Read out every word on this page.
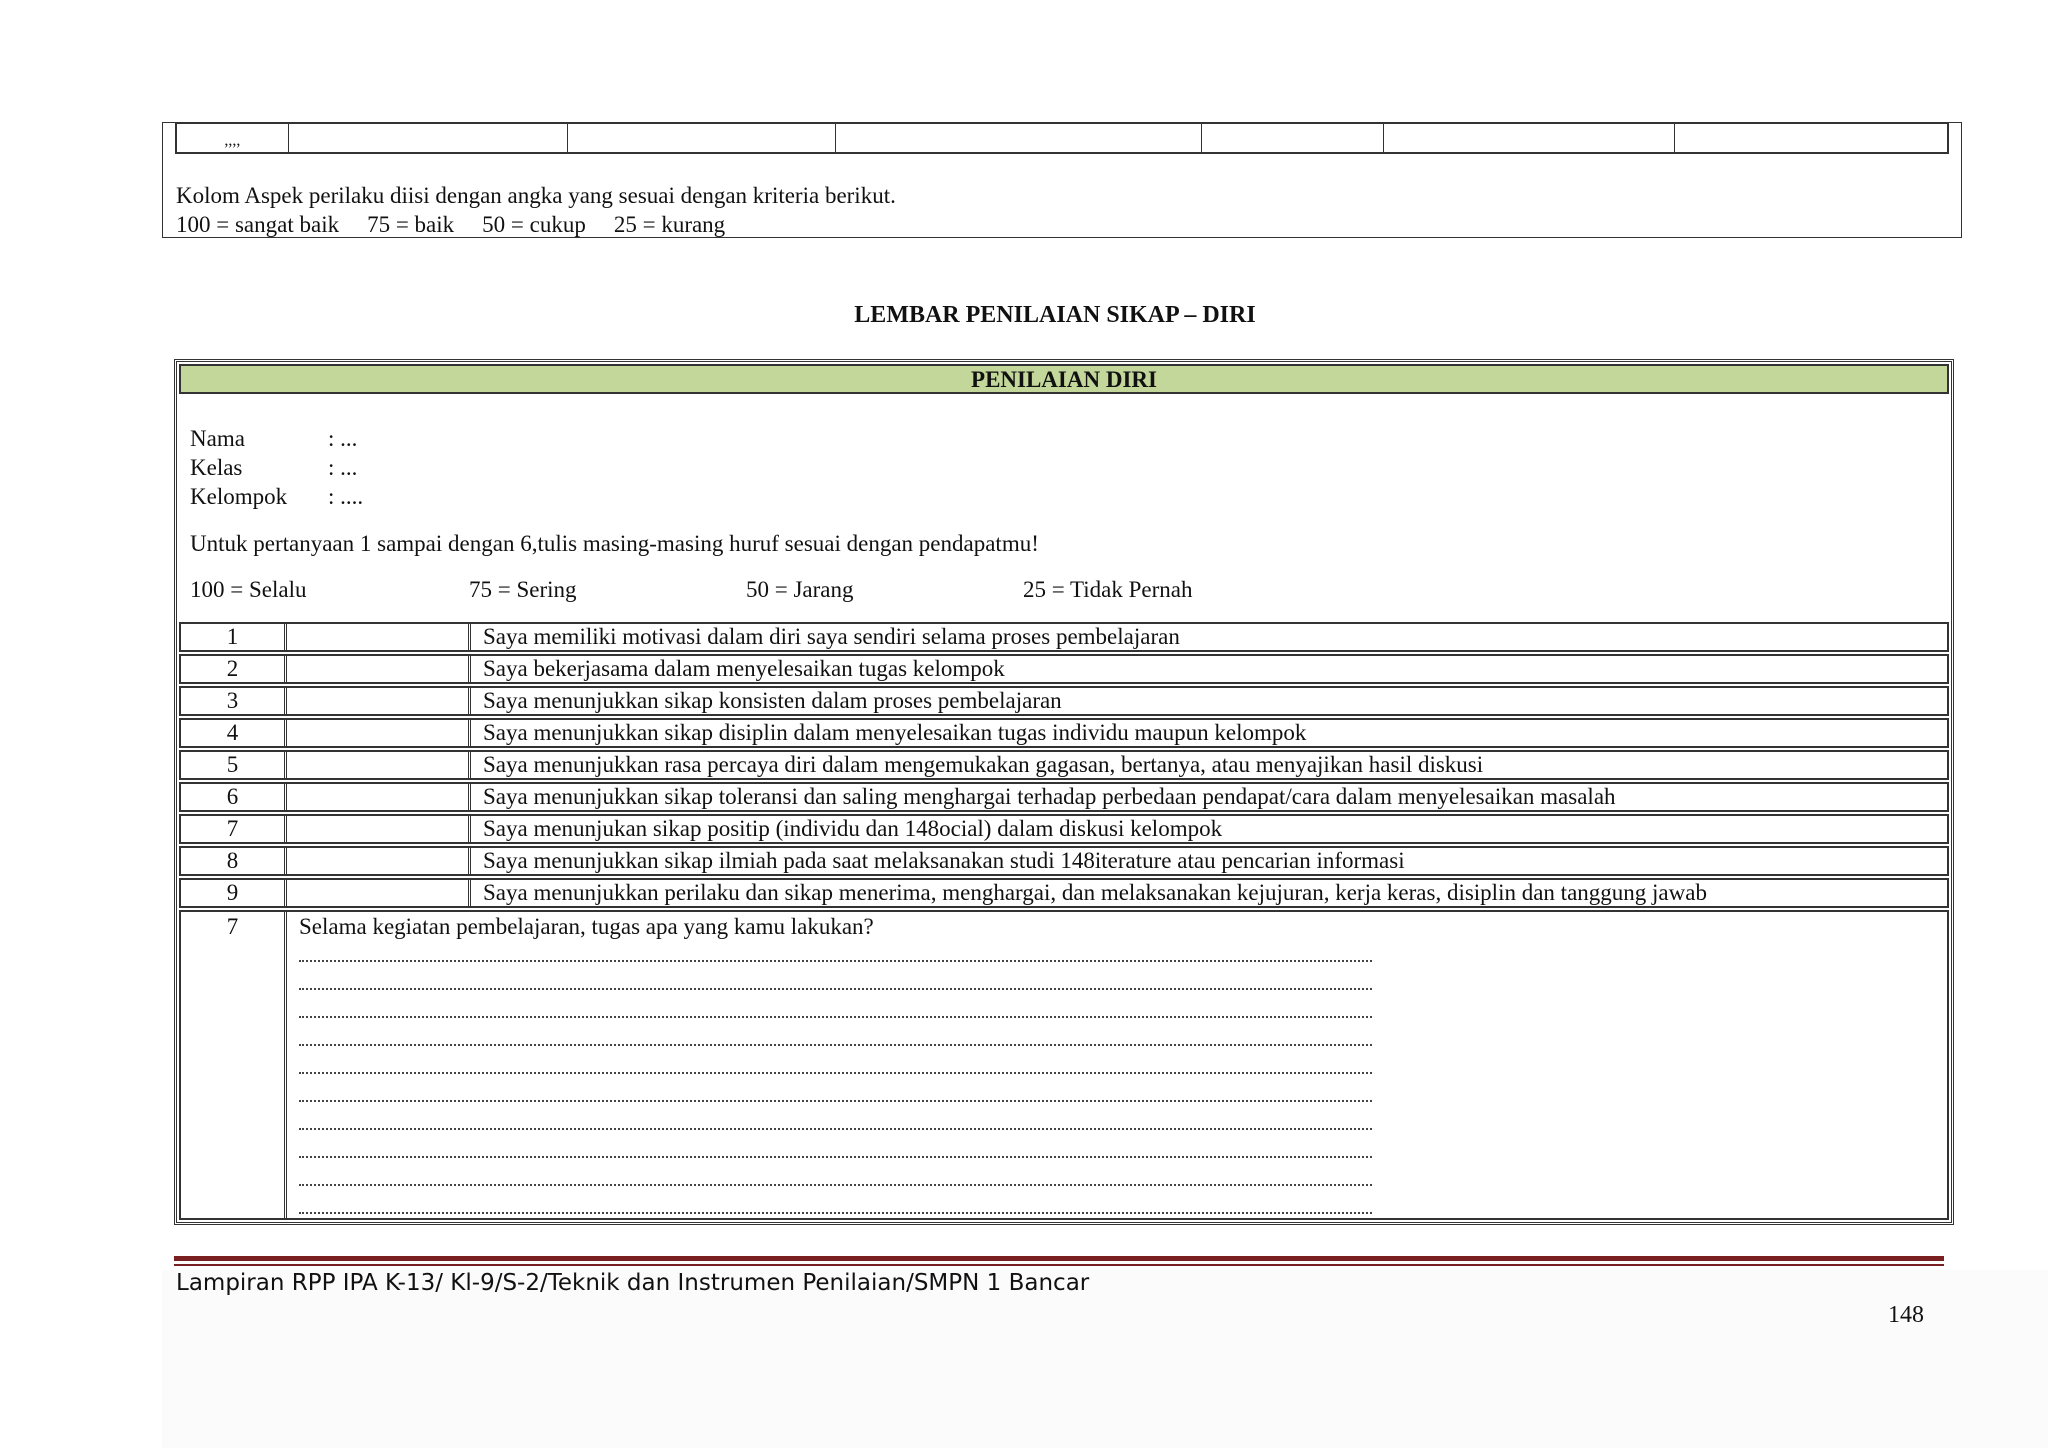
,,,,
Kolom Aspek perilaku diisi dengan angka yang sesuai dengan kriteria berikut.
100 = sangat baik 75 = baik 50 = cukup 25 = kurang
LEMBAR PENILAIAN SIKAP – DIRI
PENILAIAN DIRI
Nama	: ...
Kelas	: ...
Kelompok	: ....
Untuk pertanyaan 1 sampai dengan 6,tulis masing-masing huruf sesuai dengan pendapatmu!
100 = Selalu	75 = Sering	50 = Jarang	25 = Tidak Pernah
1	Saya memiliki motivasi dalam diri saya sendiri selama proses pembelajaran
2	Saya bekerjasama dalam menyelesaikan tugas kelompok
3	Saya menunjukkan sikap konsisten dalam proses pembelajaran
4	Saya menunjukkan sikap disiplin dalam menyelesaikan tugas individu maupun kelompok
5	Saya menunjukkan rasa percaya diri dalam mengemukakan gagasan, bertanya, atau menyajikan hasil diskusi
6	Saya menunjukkan sikap toleransi dan saling menghargai terhadap perbedaan pendapat/cara dalam menyelesaikan masalah
7	Saya menunjukan sikap positip (individu dan 148ocial) dalam diskusi kelompok
8	Saya menunjukkan sikap ilmiah pada saat melaksanakan studi 148iterature atau pencarian informasi
9	Saya menunjukkan perilaku dan sikap menerima, menghargai, dan melaksanakan kejujuran, kerja keras, disiplin dan tanggung jawab
7	Selama kegiatan pembelajaran, tugas apa yang kamu lakukan?
Lampiran RPP IPA K-13/ Kl-9/S-2/Teknik dan Instrumen Penilaian/SMPN 1 Bancar
148
